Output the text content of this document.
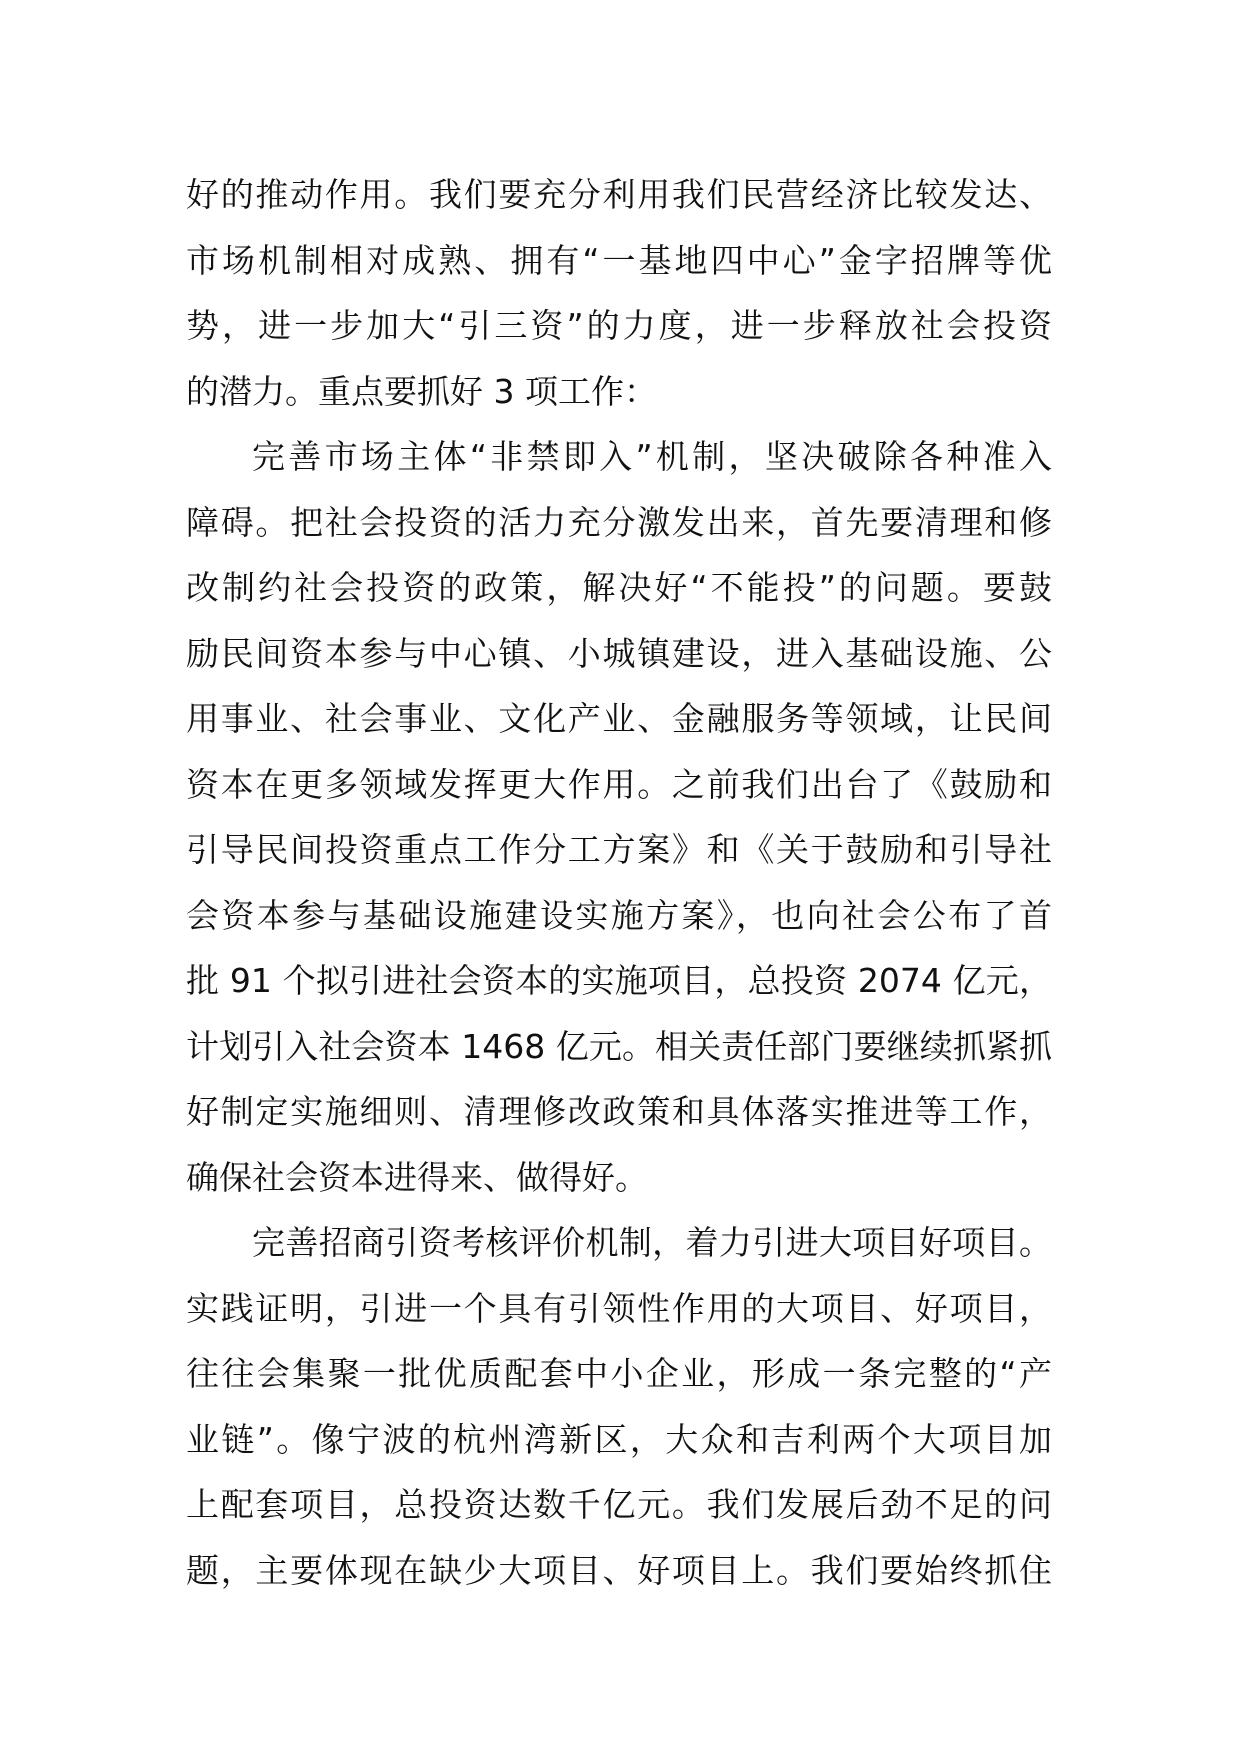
好的推动作用。我们要充分利用我们民营经济比较发达、
市场机制相对成熟、拥有“一基地四中心”金字招牌等优
势，进一步加大“引三资”的力度，进一步释放社会投资
的潜力。重点要抓好 3 项工作：
完善市场主体“非禁即入”机制，坚决破除各种准入
障碍。把社会投资的活力充分激发出来，首先要清理和修
改制约社会投资的政策，解决好“不能投”的问题。要鼓
励民间资本参与中心镇、小城镇建设，进入基础设施、公
用事业、社会事业、文化产业、金融服务等领域，让民间
资本在更多领域发挥更大作用。之前我们出台了《鼓励和
引导民间投资重点工作分工方案》和《关于鼓励和引导社
会资本参与基础设施建设实施方案》，也向社会公布了首
批 91 个拟引进社会资本的实施项目，总投资 2074 亿元，
计划引入社会资本 1468 亿元。相关责任部门要继续抓紧抓
好制定实施细则、清理修改政策和具体落实推进等工作，
确保社会资本进得来、做得好。
完善招商引资考核评价机制，着力引进大项目好项目。
实践证明，引进一个具有引领性作用的大项目、好项目，
往往会集聚一批优质配套中小企业，形成一条完整的“产
业链”。像宁波的杭州湾新区，大众和吉利两个大项目加
上配套项目，总投资达数千亿元。我们发展后劲不足的问
题，主要体现在缺少大项目、好项目上。我们要始终抓住
